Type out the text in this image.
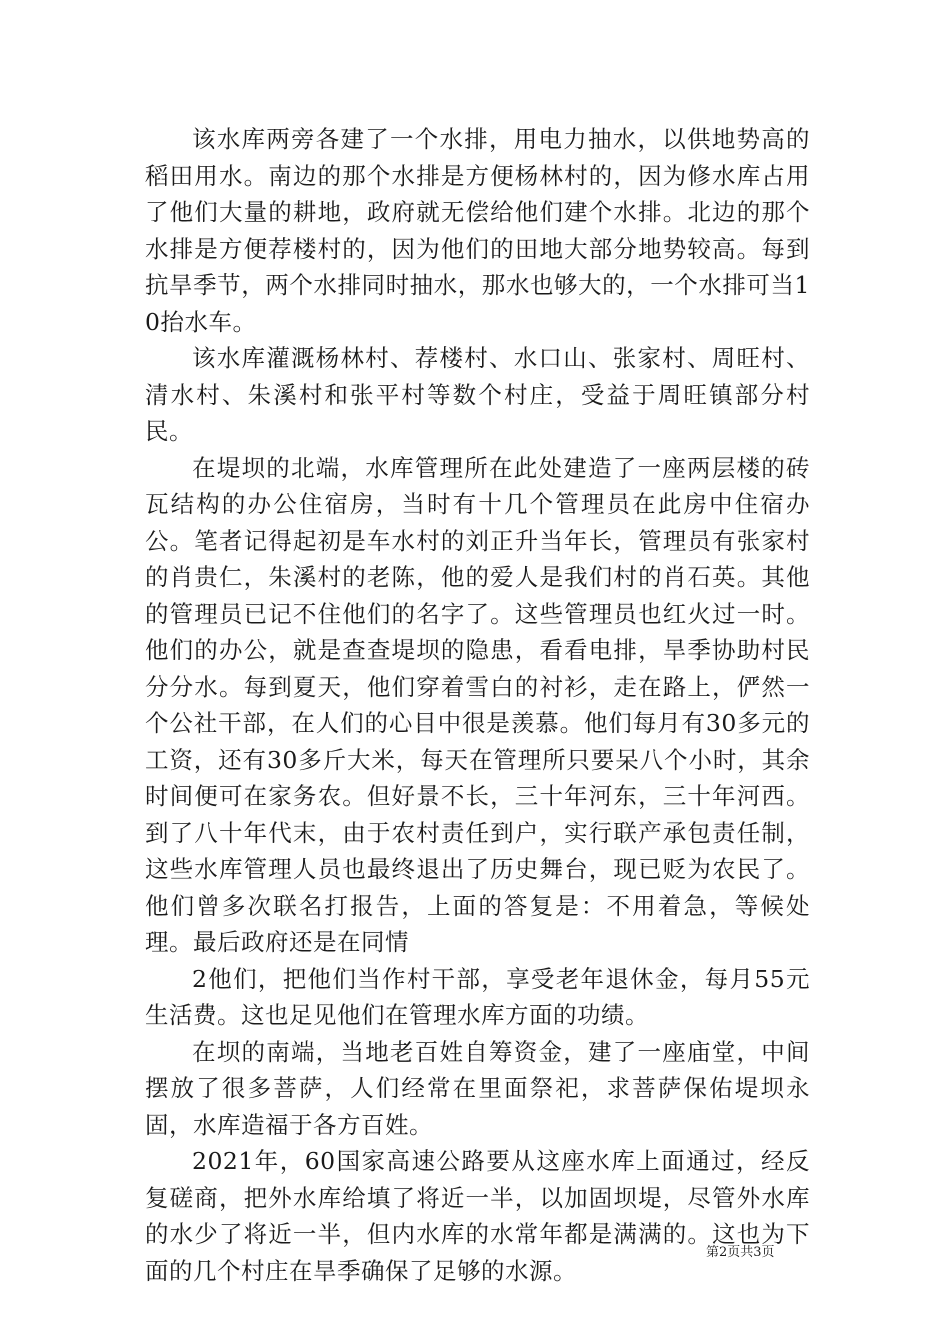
该水库两旁各建了一个水排，用电力抽水，以供地势高的稻田用水。南边的那个水排是方便杨林村的，因为修水库占用了他们大量的耕地，政府就无偿给他们建个水排。北边的那个水排是方便荐楼村的，因为他们的田地大部分地势较高。每到抗旱季节，两个水排同时抽水，那水也够大的，一个水排可当10抬水车。

该水库灌溉杨林村、荐楼村、水口山、张家村、周旺村、清水村、朱溪村和张平村等数个村庄，受益于周旺镇部分村民。

在堤坝的北端，水库管理所在此处建造了一座两层楼的砖瓦结构的办公住宿房，当时有十几个管理员在此房中住宿办公。笔者记得起初是车水村的刘正升当年长，管理员有张家村的肖贵仁，朱溪村的老陈，他的爱人是我们村的肖石英。其他的管理员已记不住他们的名字了。这些管理员也红火过一时。他们的办公，就是查查堤坝的隐患，看看电排，旱季协助村民分分水。每到夏天，他们穿着雪白的衬衫，走在路上，俨然一个公社干部，在人们的心目中很是羡慕。他们每月有30多元的工资，还有30多斤大米，每天在管理所只要呆八个小时，其余时间便可在家务农。但好景不长，三十年河东，三十年河西。到了八十年代末，由于农村责任到户，实行联产承包责任制，这些水库管理人员也最终退出了历史舞台，现已贬为农民了。他们曾多次联名打报告，上面的答复是：不用着急，等候处理。最后政府还是在同情

2他们，把他们当作村干部，享受老年退休金，每月55元生活费。这也足见他们在管理水库方面的功绩。

在坝的南端，当地老百姓自筹资金，建了一座庙堂，中间摆放了很多菩萨，人们经常在里面祭祀，求菩萨保佑堤坝永固，水库造福于各方百姓。

2021年，60国家高速公路要从这座水库上面通过，经反复磋商，把外水库给填了将近一半，以加固坝堤，尽管外水库的水少了将近一半，但内水库的水常年都是满满的。这也为下面的几个村庄在旱季确保了足够的水源。

第2页共3页
